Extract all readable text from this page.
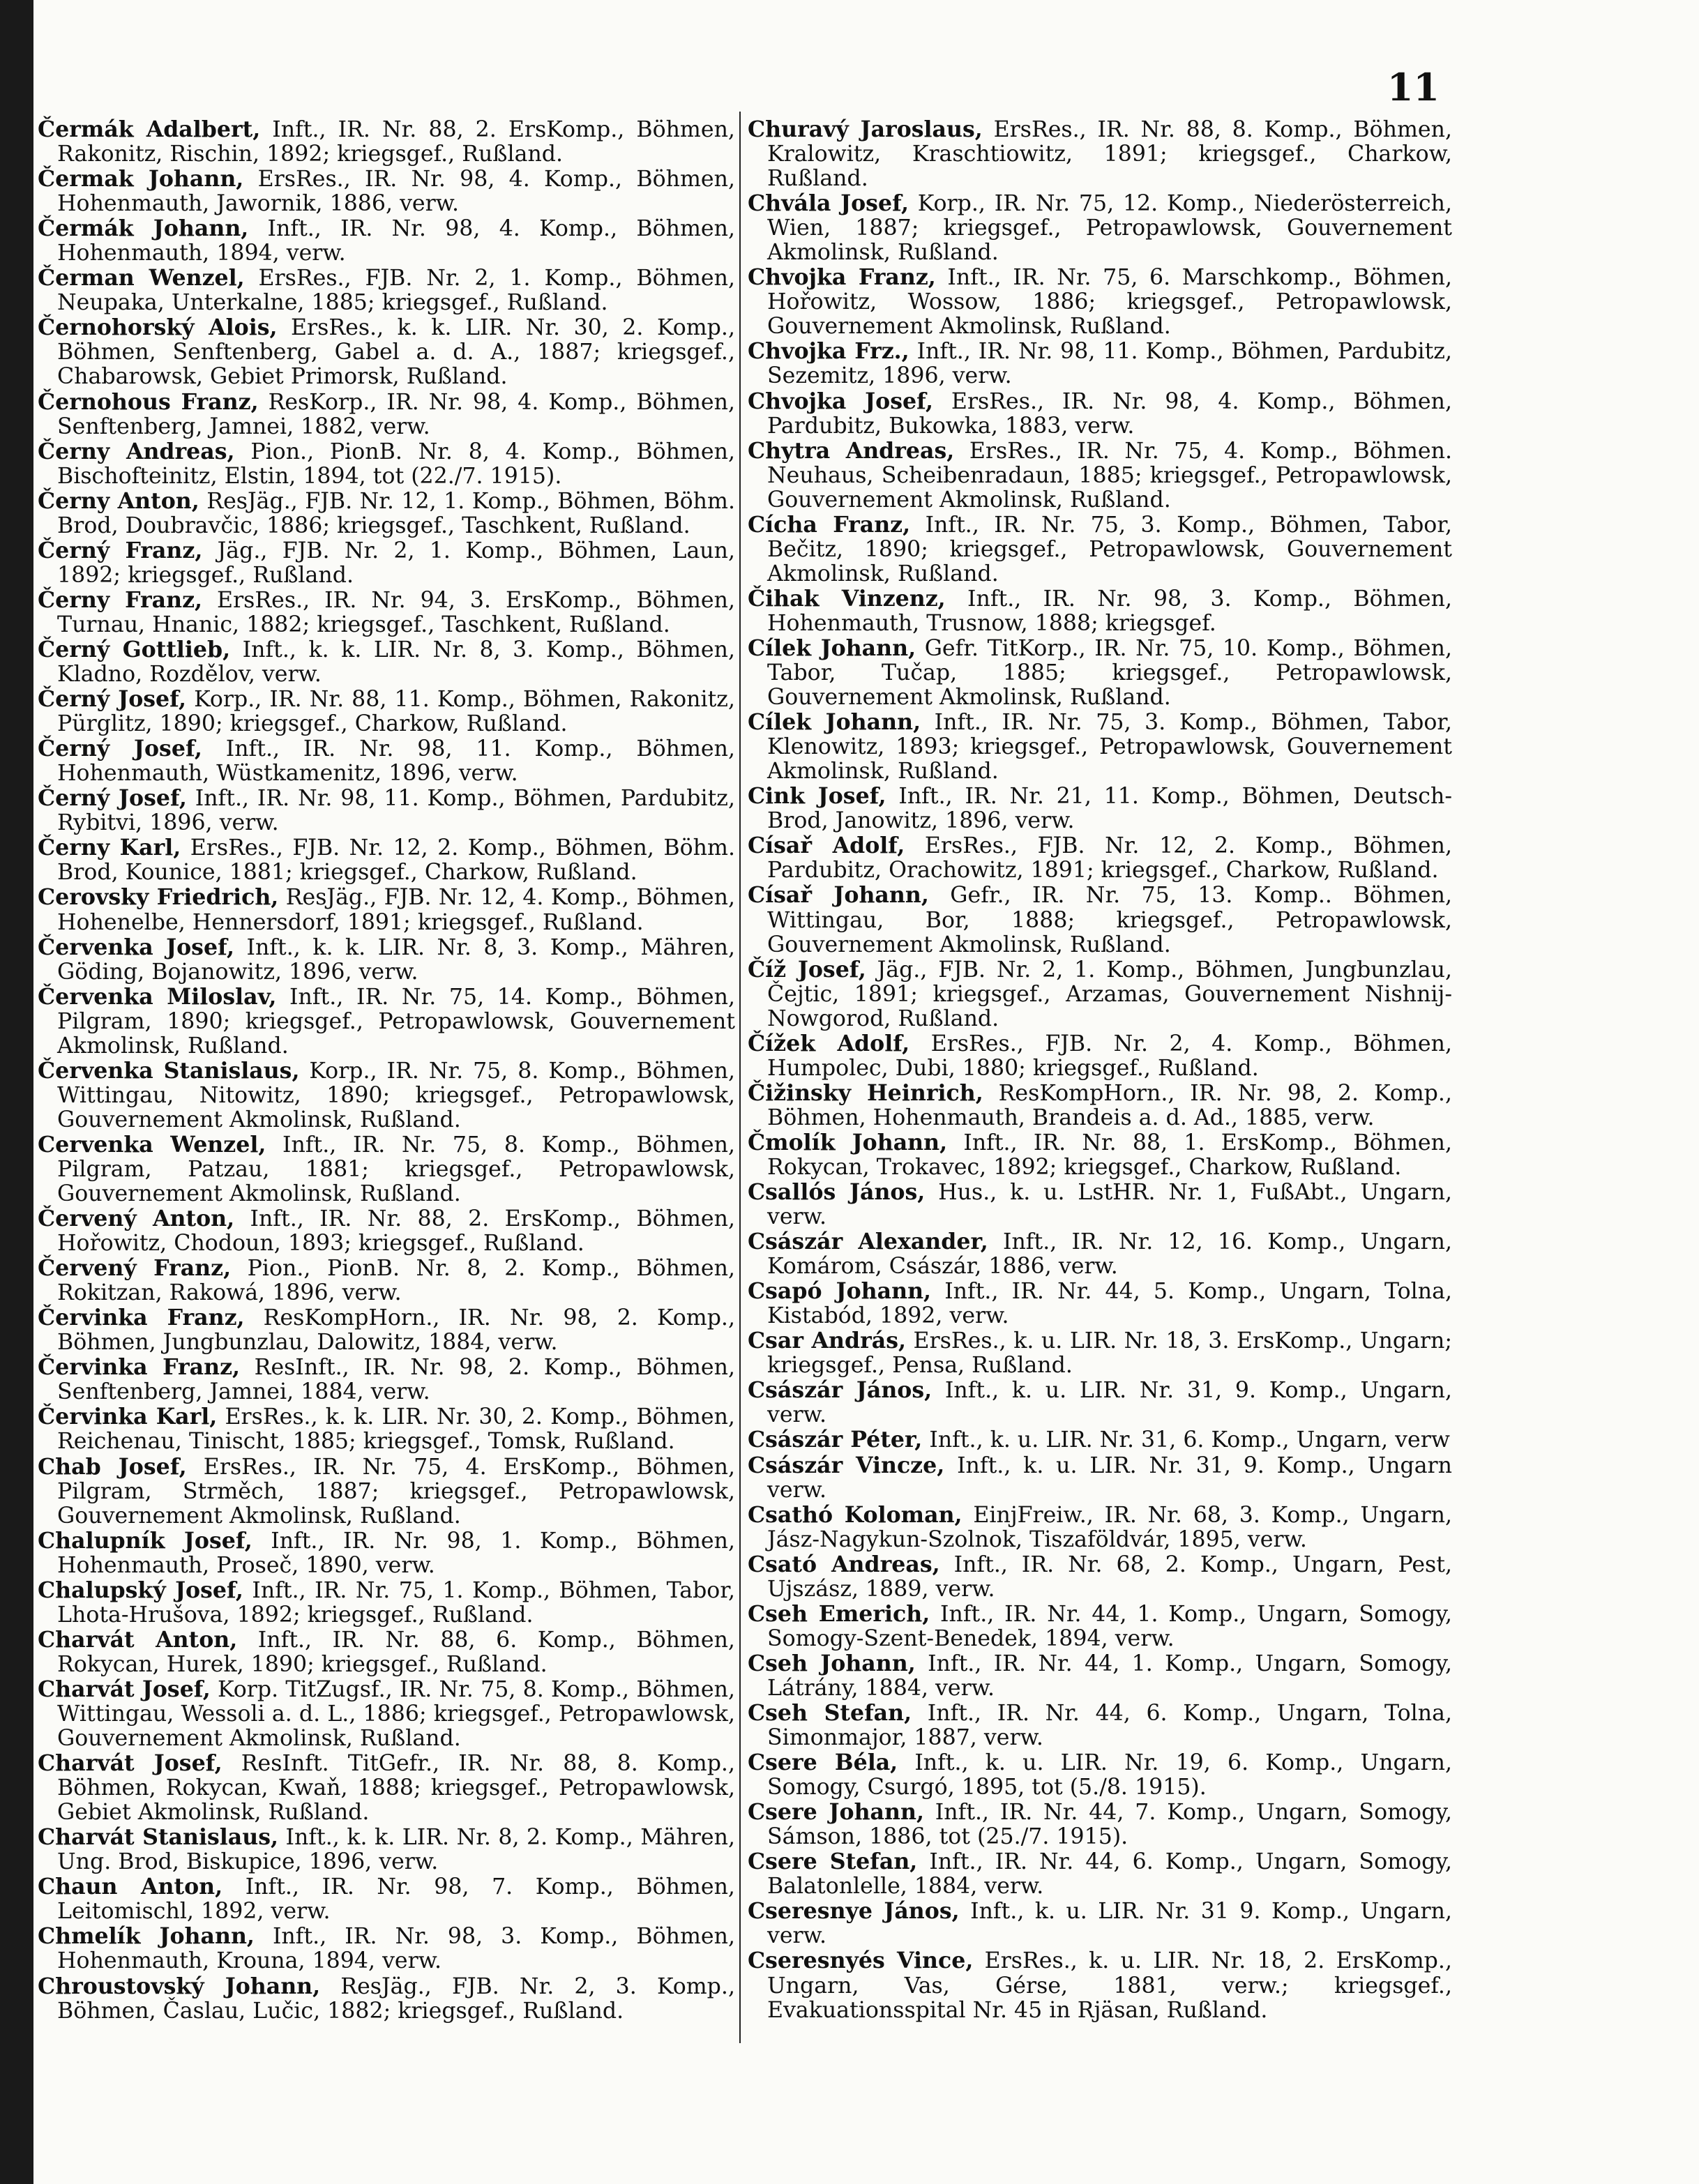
11

Čermák Adalbert, Inft., IR. Nr. 88, 2. ErsKomp., Böhmen, Rakonitz, Rischin, 1892; kriegsgef., Rußland.

Čermak Johann, ErsRes., IR. Nr. 98, 4. Komp., Böhmen, Hohenmauth, Jawornik, 1886, verw.

Čermák Johann, Inft., IR. Nr. 98, 4. Komp., Böhmen, Hohenmauth, 1894, verw.

Čerman Wenzel, ErsRes., FJB. Nr. 2, 1. Komp., Böhmen, Neupaka, Unterkalne, 1885; kriegsgef., Rußland.

Černohorský Alois, ErsRes., k. k. LIR. Nr. 30, 2. Komp., Böhmen, Senftenberg, Gabel a. d. A., 1887; kriegsgef., Chabarowsk, Gebiet Primorsk, Rußland.

Černohous Franz, ResKorp., IR. Nr. 98, 4. Komp., Böhmen, Senftenberg, Jamnei, 1882, verw.

Černy Andreas, Pion., PionB. Nr. 8, 4. Komp., Böhmen, Bischofteinitz, Elstin, 1894, tot (22./7. 1915).

Černy Anton, ResJäg., FJB. Nr. 12, 1. Komp., Böhmen, Böhm. Brod, Doubravčic, 1886; kriegsgef., Taschkent, Rußland.

Černý Franz, Jäg., FJB. Nr. 2, 1. Komp., Böhmen, Laun, 1892; kriegsgef., Rußland.

Černy Franz, ErsRes., IR. Nr. 94, 3. ErsKomp., Böhmen, Turnau, Hnanic, 1882; kriegsgef., Taschkent, Rußland.

Černý Gottlieb, Inft., k. k. LIR. Nr. 8, 3. Komp., Böhmen, Kladno, Rozdělov, verw.

Černý Josef, Korp., IR. Nr. 88, 11. Komp., Böhmen, Rakonitz, Pürglitz, 1890; kriegsgef., Charkow, Rußland.

Černý Josef, Inft., IR. Nr. 98, 11. Komp., Böhmen, Hohenmauth, Wüstkamenitz, 1896, verw.

Černý Josef, Inft., IR. Nr. 98, 11. Komp., Böhmen, Pardubitz, Rybitvi, 1896, verw.

Černy Karl, ErsRes., FJB. Nr. 12, 2. Komp., Böhmen, Böhm. Brod, Kounice, 1881; kriegsgef., Charkow, Rußland.

Cerovsky Friedrich, ResJäg., FJB. Nr. 12, 4. Komp., Böhmen, Hohenelbe, Hennersdorf, 1891; kriegsgef., Rußland.

Červenka Josef, Inft., k. k. LIR. Nr. 8, 3. Komp., Mähren, Göding, Bojanowitz, 1896, verw.

Červenka Miloslav, Inft., IR. Nr. 75, 14. Komp., Böhmen, Pilgram, 1890; kriegsgef., Petropawlowsk, Gouvernement Akmolinsk, Rußland.

Červenka Stanislaus, Korp., IR. Nr. 75, 8. Komp., Böhmen, Wittingau, Nitowitz, 1890; kriegsgef., Petropawlowsk, Gouvernement Akmolinsk, Rußland.

Cervenka Wenzel, Inft., IR. Nr. 75, 8. Komp., Böhmen, Pilgram, Patzau, 1881; kriegsgef., Petropawlowsk, Gouvernement Akmolinsk, Rußland.

Červený Anton, Inft., IR. Nr. 88, 2. ErsKomp., Böhmen, Hořowitz, Chodoun, 1893; kriegsgef., Rußland.

Červený Franz, Pion., PionB. Nr. 8, 2. Komp., Böhmen, Rokitzan, Rakowá, 1896, verw.

Červinka Franz, ResKompHorn., IR. Nr. 98, 2. Komp., Böhmen, Jungbunzlau, Dalowitz, 1884, verw.

Červinka Franz, ResInft., IR. Nr. 98, 2. Komp., Böhmen, Senftenberg, Jamnei, 1884, verw.

Červinka Karl, ErsRes., k. k. LIR. Nr. 30, 2. Komp., Böhmen, Reichenau, Tinischt, 1885; kriegsgef., Tomsk, Rußland.

Chab Josef, ErsRes., IR. Nr. 75, 4. ErsKomp., Böhmen, Pilgram, Strměch, 1887; kriegsgef., Petropawlowsk, Gouvernement Akmolinsk, Rußland.

Chalupník Josef, Inft., IR. Nr. 98, 1. Komp., Böhmen, Hohenmauth, Proseč, 1890, verw.

Chalupský Josef, Inft., IR. Nr. 75, 1. Komp., Böhmen, Tabor, Lhota-Hrušova, 1892; kriegsgef., Rußland.

Charvát Anton, Inft., IR. Nr. 88, 6. Komp., Böhmen, Rokycan, Hurek, 1890; kriegsgef., Rußland.

Charvát Josef, Korp. TitZugsf., IR. Nr. 75, 8. Komp., Böhmen, Wittingau, Wessoli a. d. L., 1886; kriegsgef., Petropawlowsk, Gouvernement Akmolinsk, Rußland.

Charvát Josef, ResInft. TitGefr., IR. Nr. 88, 8. Komp., Böhmen, Rokycan, Kwaň, 1888; kriegsgef., Petropawlowsk, Gebiet Akmolinsk, Rußland.

Charvát Stanislaus, Inft., k. k. LIR. Nr. 8, 2. Komp., Mähren, Ung. Brod, Biskupice, 1896, verw.

Chaun Anton, Inft., IR. Nr. 98, 7. Komp., Böhmen, Leitomischl, 1892, verw.

Chmelík Johann, Inft., IR. Nr. 98, 3. Komp., Böhmen, Hohenmauth, Krouna, 1894, verw.

Chroustovský Johann, ResJäg., FJB. Nr. 2, 3. Komp., Böhmen, Časlau, Lučic, 1882; kriegsgef., Rußland.

Churavý Jaroslaus, ErsRes., IR. Nr. 88, 8. Komp., Böhmen, Kralowitz, Kraschtiowitz, 1891; kriegsgef., Charkow, Rußland.

Chvála Josef, Korp., IR. Nr. 75, 12. Komp., Niederösterreich, Wien, 1887; kriegsgef., Petropawlowsk, Gouvernement Akmolinsk, Rußland.

Chvojka Franz, Inft., IR. Nr. 75, 6. Marschkomp., Böhmen, Hořowitz, Wossow, 1886; kriegsgef., Petropawlowsk, Gouvernement Akmolinsk, Rußland.

Chvojka Frz., Inft., IR. Nr. 98, 11. Komp., Böhmen, Pardubitz, Sezemitz, 1896, verw.

Chvojka Josef, ErsRes., IR. Nr. 98, 4. Komp., Böhmen, Pardubitz, Bukowka, 1883, verw.

Chytra Andreas, ErsRes., IR. Nr. 75, 4. Komp., Böhmen. Neuhaus, Scheibenradaun, 1885; kriegsgef., Petropawlowsk, Gouvernement Akmolinsk, Rußland.

Cícha Franz, Inft., IR. Nr. 75, 3. Komp., Böhmen, Tabor, Bečitz, 1890; kriegsgef., Petropawlowsk, Gouvernement Akmolinsk, Rußland.

Čihak Vinzenz, Inft., IR. Nr. 98, 3. Komp., Böhmen, Hohenmauth, Trusnow, 1888; kriegsgef.

Cílek Johann, Gefr. TitKorp., IR. Nr. 75, 10. Komp., Böhmen, Tabor, Tučap, 1885; kriegsgef., Petropawlowsk, Gouvernement Akmolinsk, Rußland.

Cílek Johann, Inft., IR. Nr. 75, 3. Komp., Böhmen, Tabor, Klenowitz, 1893; kriegsgef., Petropawlowsk, Gouvernement Akmolinsk, Rußland.

Cink Josef, Inft., IR. Nr. 21, 11. Komp., Böhmen, Deutsch-Brod, Janowitz, 1896, verw.

Císař Adolf, ErsRes., FJB. Nr. 12, 2. Komp., Böhmen, Pardubitz, Orachowitz, 1891; kriegsgef., Charkow, Rußland.

Císař Johann, Gefr., IR. Nr. 75, 13. Komp.. Böhmen, Wittingau, Bor, 1888; kriegsgef., Petropawlowsk, Gouvernement Akmolinsk, Rußland.

Číž Josef, Jäg., FJB. Nr. 2, 1. Komp., Böhmen, Jungbunzlau, Čejtic, 1891; kriegsgef., Arzamas, Gouvernement Nishnij-Nowgorod, Rußland.

Čížek Adolf, ErsRes., FJB. Nr. 2, 4. Komp., Böhmen, Humpolec, Dubi, 1880; kriegsgef., Rußland.

Čižinsky Heinrich, ResKompHorn., IR. Nr. 98, 2. Komp., Böhmen, Hohenmauth, Brandeis a. d. Ad., 1885, verw.

Čmolík Johann, Inft., IR. Nr. 88, 1. ErsKomp., Böhmen, Rokycan, Trokavec, 1892; kriegsgef., Charkow, Rußland.

Csallós János, Hus., k. u. LstHR. Nr. 1, FußAbt., Ungarn, verw.

Császár Alexander, Inft., IR. Nr. 12, 16. Komp., Ungarn, Komárom, Császár, 1886, verw.

Csapó Johann, Inft., IR. Nr. 44, 5. Komp., Ungarn, Tolna, Kistabód, 1892, verw.

Csar András, ErsRes., k. u. LIR. Nr. 18, 3. ErsKomp., Ungarn; kriegsgef., Pensa, Rußland.

Császár János, Inft., k. u. LIR. Nr. 31, 9. Komp., Ungarn, verw.

Császár Péter, Inft., k. u. LIR. Nr. 31, 6. Komp., Ungarn, verw

Császár Vincze, Inft., k. u. LIR. Nr. 31, 9. Komp., Ungarn verw.

Csathó Koloman, EinjFreiw., IR. Nr. 68, 3. Komp., Ungarn, Jász-Nagykun-Szolnok, Tiszaföldvár, 1895, verw.

Csató Andreas, Inft., IR. Nr. 68, 2. Komp., Ungarn, Pest, Ujszász, 1889, verw.

Cseh Emerich, Inft., IR. Nr. 44, 1. Komp., Ungarn, Somogy, Somogy-Szent-Benedek, 1894, verw.

Cseh Johann, Inft., IR. Nr. 44, 1. Komp., Ungarn, Somogy, Látrány, 1884, verw.

Cseh Stefan, Inft., IR. Nr. 44, 6. Komp., Ungarn, Tolna, Simonmajor, 1887, verw.

Csere Béla, Inft., k. u. LIR. Nr. 19, 6. Komp., Ungarn, Somogy, Csurgó, 1895, tot (5./8. 1915).

Csere Johann, Inft., IR. Nr. 44, 7. Komp., Ungarn, Somogy, Sámson, 1886, tot (25./7. 1915).

Csere Stefan, Inft., IR. Nr. 44, 6. Komp., Ungarn, Somogy, Balatonlelle, 1884, verw.

Cseresnye János, Inft., k. u. LIR. Nr. 31 9. Komp., Ungarn, verw.

Cseresnyés Vince, ErsRes., k. u. LIR. Nr. 18, 2. ErsKomp., Ungarn, Vas, Gérse, 1881, verw.; kriegsgef., Evakuationsspital Nr. 45 in Rjäsan, Rußland.
